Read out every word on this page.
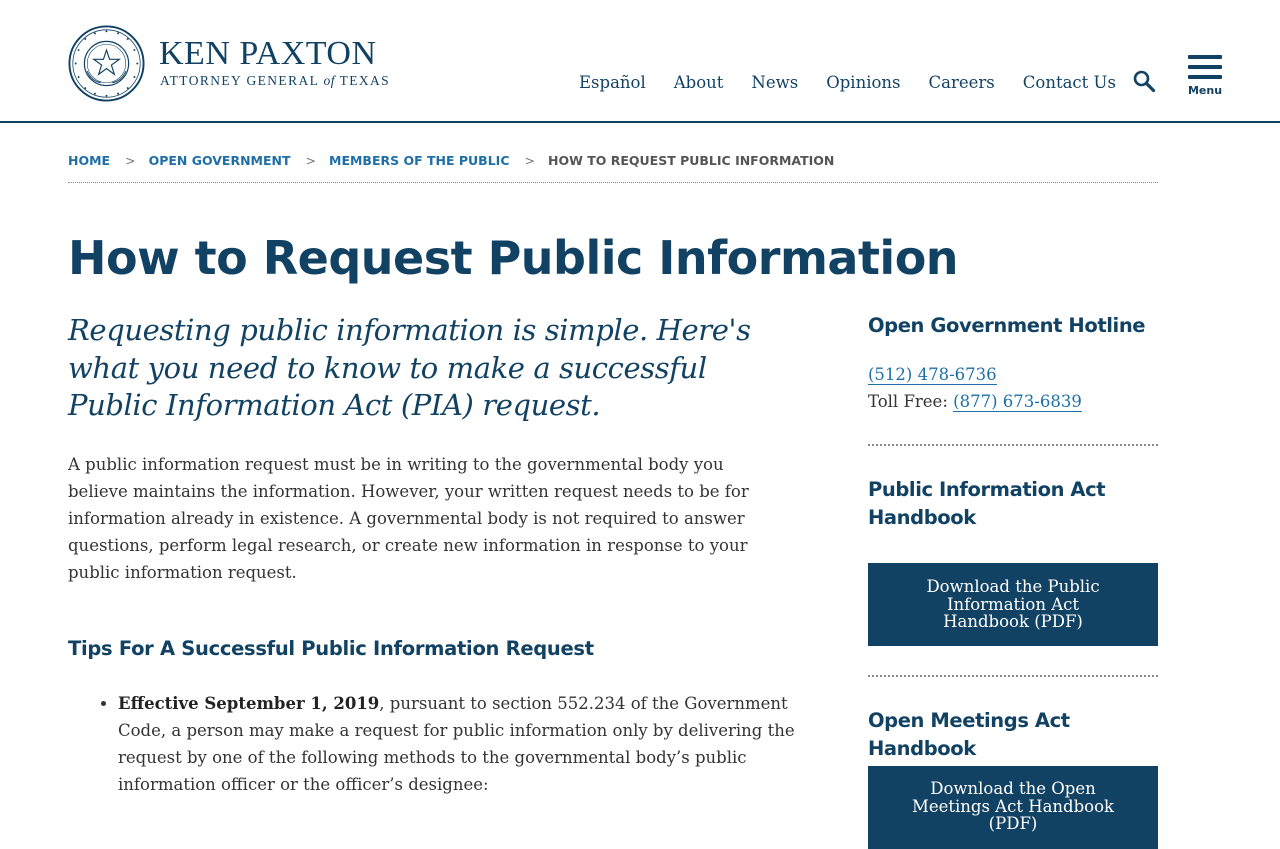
KEN PAXTON
ATTORNEY GENERAL of TEXAS	Español About News Opinions Careers Contact Us	Menu
HOME > OPEN GOVERNMENT > MEMBERS OF THE PUBLIC > HOW TO REQUEST PUBLIC INFORMATION
How to Request Public Information

Requesting public information is simple. Here's what you need to know to make a successful Public Information Act (PIA) request.

A public information request must be in writing to the governmental body you believe maintains the information. However, your written request needs to be for information already in existence. A governmental body is not required to answer questions, perform legal research, or create new information in response to your public information request.

Tips For A Successful Public Information Request
• Effective September 1, 2019, pursuant to section 552.234 of the Government Code, a person may make a request for public information only by delivering the request by one of the following methods to the governmental body’s public information officer or the officer’s designee:
Open Government Hotline
(512) 478-6736
Toll Free: (877) 673-6839
Public Information Act Handbook
Download the Public Information Act Handbook (PDF)
Open Meetings Act Handbook
Download the Open Meetings Act Handbook (PDF)
